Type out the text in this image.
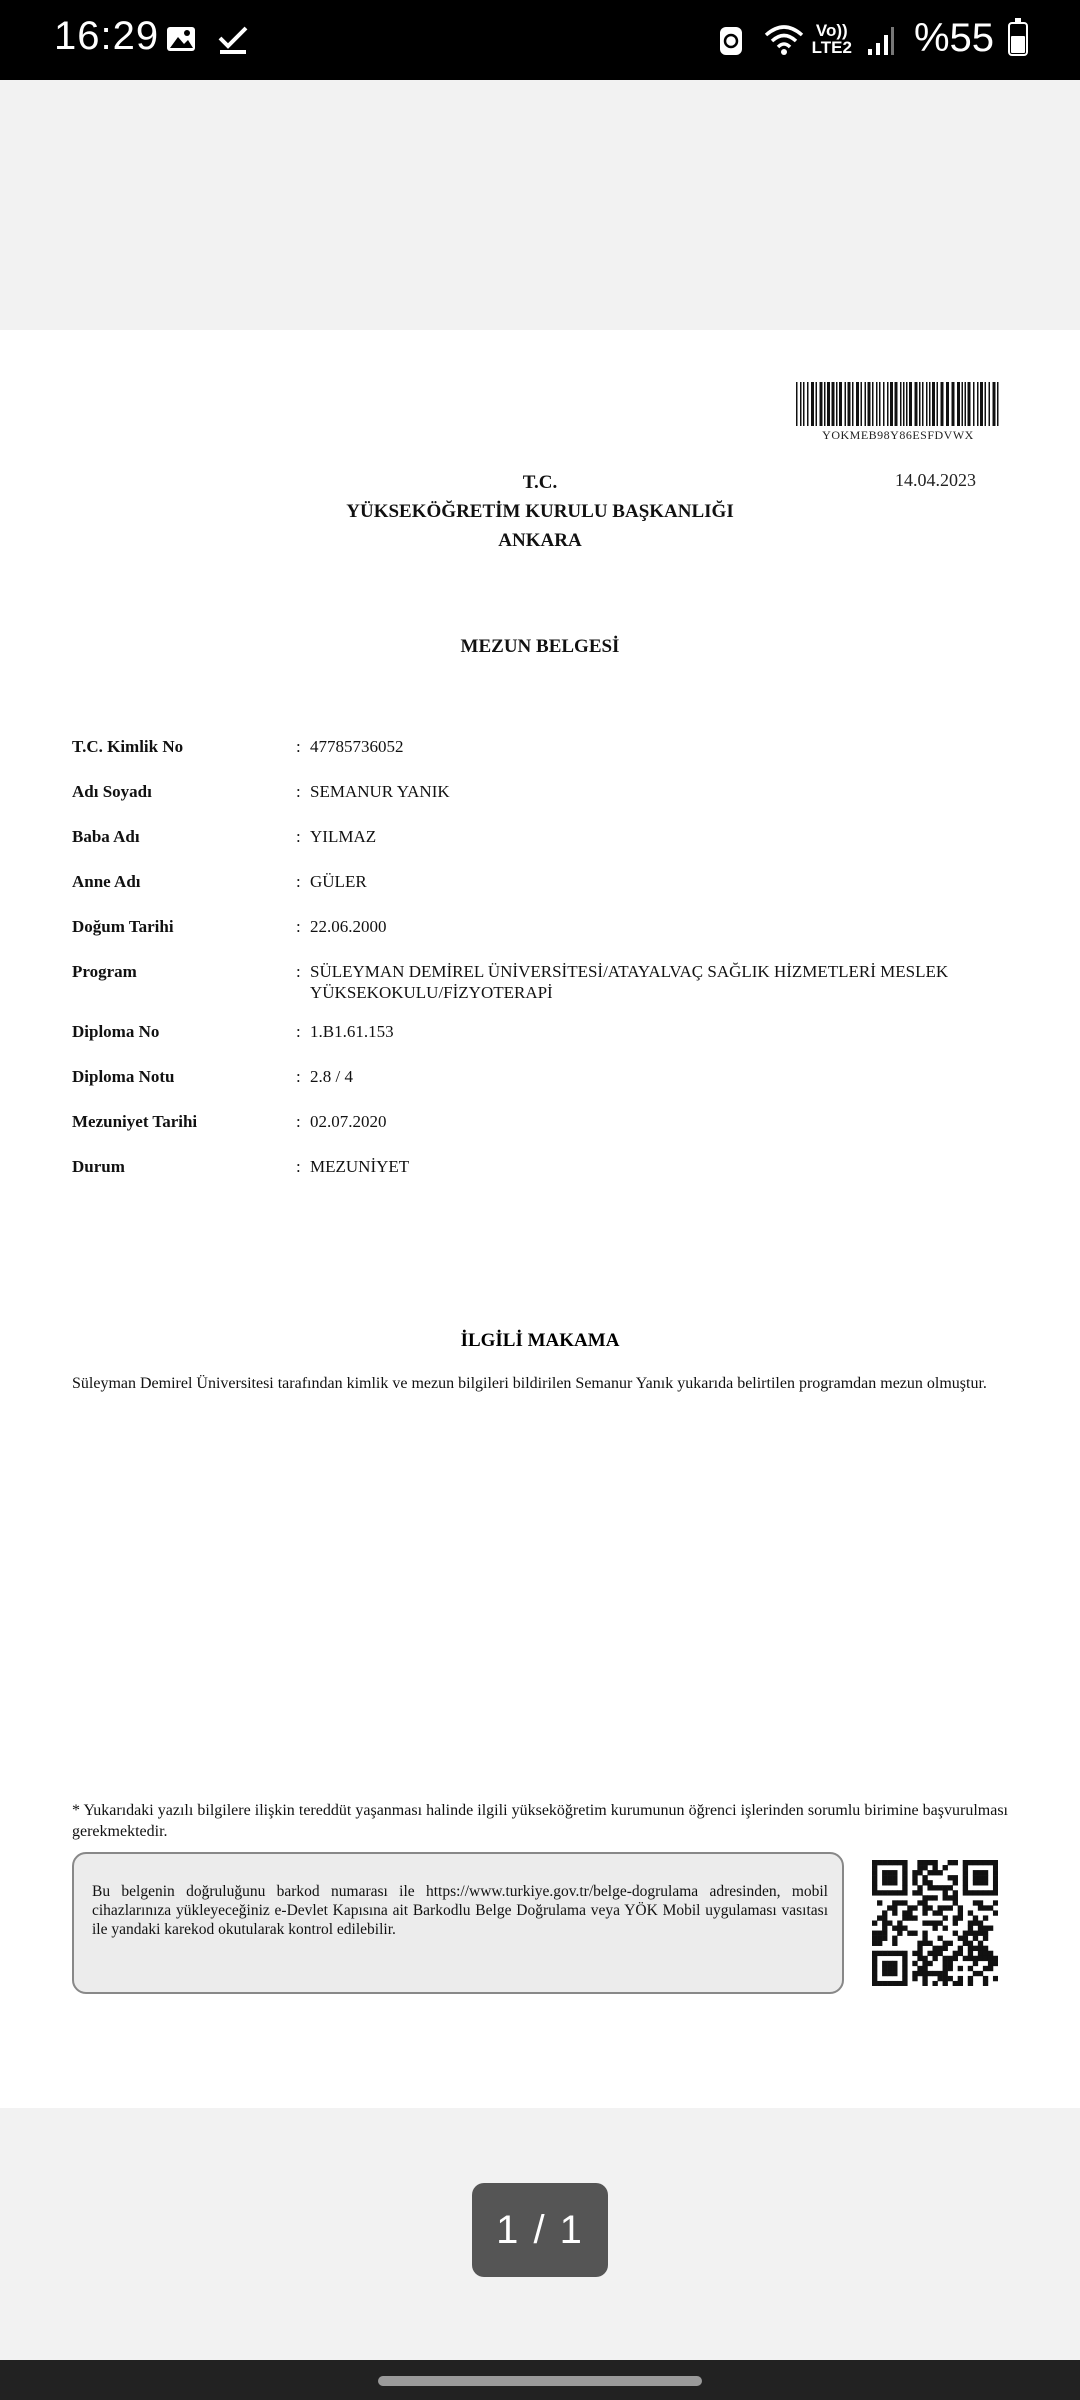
16:29	Vo))
LTE2 %55
YOKMEB98Y86ESFDVWX
14.04.2023
T.C.
YÜKSEKÖĞRETİM KURULU BAŞKANLIĞI
ANKARA
MEZUN BELGESİ
T.C. Kimlik No	: 47785736052
Adı Soyadı	: SEMANUR YANIK
Baba Adı	: YILMAZ
Anne Adı	: GÜLER
Doğum Tarihi	: 22.06.2000
Program	: SÜLEYMAN DEMİREL ÜNİVERSİTESİ/ATAYALVAÇ SAĞLIK HİZMETLERİ MESLEK YÜKSEKOKULU/FİZYOTERAPİ
Diploma No	: 1.B1.61.153
Diploma Notu	: 2.8 / 4
Mezuniyet Tarihi	: 02.07.2020
Durum	: MEZUNİYET
İLGİLİ MAKAMA
Süleyman Demirel Üniversitesi tarafından kimlik ve mezun bilgileri bildirilen Semanur Yanık yukarıda belirtilen programdan mezun olmuştur.
* Yukarıdaki yazılı bilgilere ilişkin tereddüt yaşanması halinde ilgili yükseköğretim kurumunun öğrenci işlerinden sorumlu birimine başvurulması gerekmektedir.
Bu belgenin doğruluğunu barkod numarası ile https://www.turkiye.gov.tr/belge-dogrulama adresinden, mobil cihazlarınıza yükleyeceğiniz e-Devlet Kapısına ait Barkodlu Belge Doğrulama veya YÖK Mobil uygulaması vasıtası ile yandaki karekod okutularak kontrol edilebilir.
1 / 1
